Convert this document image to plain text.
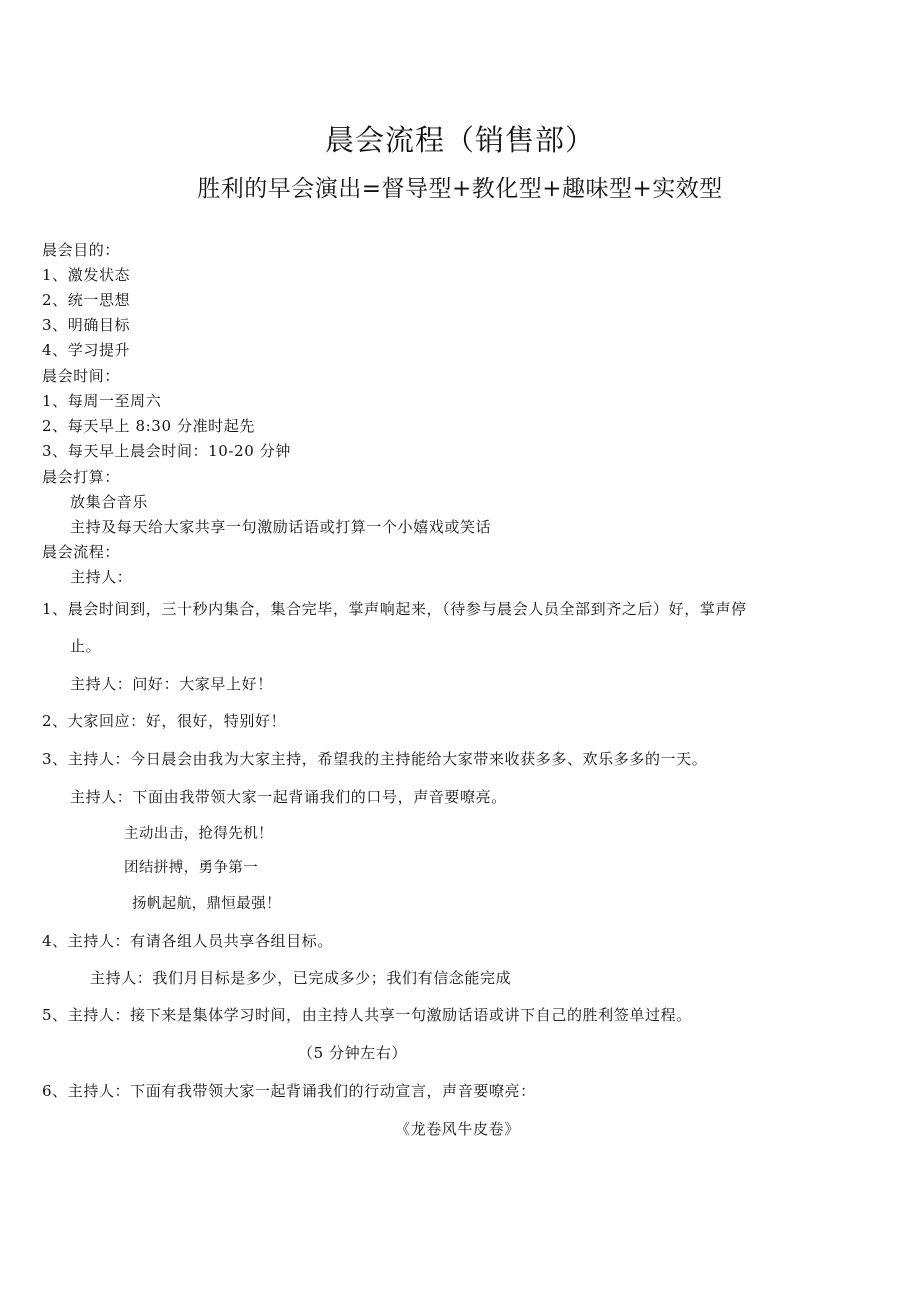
晨会流程（销售部）
胜利的早会演出=督导型+教化型+趣味型+实效型
晨会目的：
1、激发状态
2、统一思想
3、明确目标
4、学习提升
晨会时间：
1、每周一至周六
2、每天早上 8:30 分准时起先
3、每天早上晨会时间：10-20 分钟
晨会打算：
放集合音乐
主持及每天给大家共享一句激励话语或打算一个小嬉戏或笑话
晨会流程：
主持人：
1、晨会时间到，三十秒内集合，集合完毕，掌声响起来，（待参与晨会人员全部到齐之后）好，掌声停
止。
主持人：问好：大家早上好！
2、大家回应：好，很好，特别好！
3、主持人：今日晨会由我为大家主持，希望我的主持能给大家带来收获多多、欢乐多多的一天。
主持人：下面由我带领大家一起背诵我们的口号，声音要嘹亮。
主动出击，抢得先机！
团结拼搏，勇争第一
扬帆起航，鼎恒最强！
4、主持人：有请各组人员共享各组目标。
主持人：我们月目标是多少，已完成多少；我们有信念能完成
5、主持人：接下来是集体学习时间，由主持人共享一句激励话语或讲下自己的胜利签单过程。
（5 分钟左右）
6、主持人：下面有我带领大家一起背诵我们的行动宣言，声音要嘹亮：
《龙卷风牛皮卷》
